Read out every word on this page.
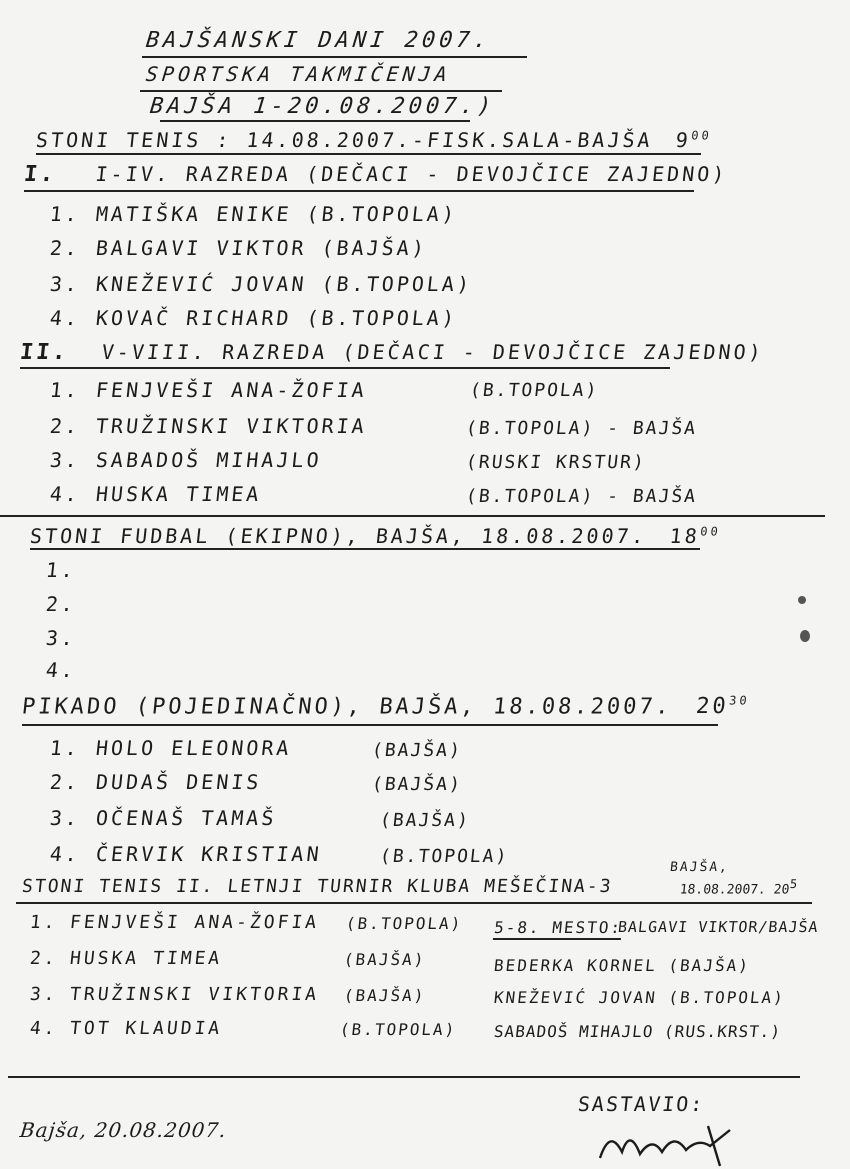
BAJŠANSKI DANI 2007.
SPORTSKA TAKMIČENJA
BAJŠA 1-20.08.2007.)
STONI TENIS : 14.08.2007.-FISK.SALA-BAJŠA $9^{00}$
I. I-IV. RAZREDA (DEČACI - DEVOJČICE ZAJEDNO)
1. MATIŠKA ENIKE (B.TOPOLA)
2. BALGAVI VIKTOR (BAJŠA)
3. KNEŽEVIĆ JOVAN (B.TOPOLA)
4. KOVAČ RICHARD (B.TOPOLA)
II. V-VIII. RAZREDA (DEČACI - DEVOJČICE ZAJEDNO)
1. FENJVEŠI ANA-ŽOFIA	(B.TOPOLA)
2. TRUŽINSKI VIKTORIA	(B.TOPOLA) - BAJŠA
3. SABADOŠ MIHAJLO	(RUSKI KRSTUR)
4. HUSKA TIMEA	(B.TOPOLA) - BAJŠA
STONI FUDBAL (EKIPNO), BAJŠA, 18.08.2007. $18^{00}$
1.
2.
3.
4.
PIKADO (POJEDINAČNO), BAJŠA, 18.08.2007. $20^{30}$
1. HOLO ELEONORA	(BAJŠA)
2. DUDAŠ DENIS	(BAJŠA)
3. OČENAŠ TAMAŠ	(BAJŠA)
4. ČERVIK KRISTIAN	(B.TOPOLA)
STONI TENIS II. LETNJI TURNIR KLUBA MEŠEČINA-3
BAJŠA,
18.08.2007. $20^5$
1. FENJVEŠI ANA-ŽOFIA (B.TOPOLA)
2. HUSKA TIMEA	(BAJŠA)
3. TRUŽINSKI VIKTORIA (BAJŠA)
4. TOT KLAUDIA	(B.TOPOLA)
5-8. MESTO:
BALGAVI VIKTOR/BAJŠA
BEDERKA KORNEL (BAJŠA)
KNEŽEVIĆ JOVAN (B.TOPOLA)
SABADOŠ MIHAJLO (RUS.KRST.)
Bajša, 20.08.2007.
SASTAVIO:
